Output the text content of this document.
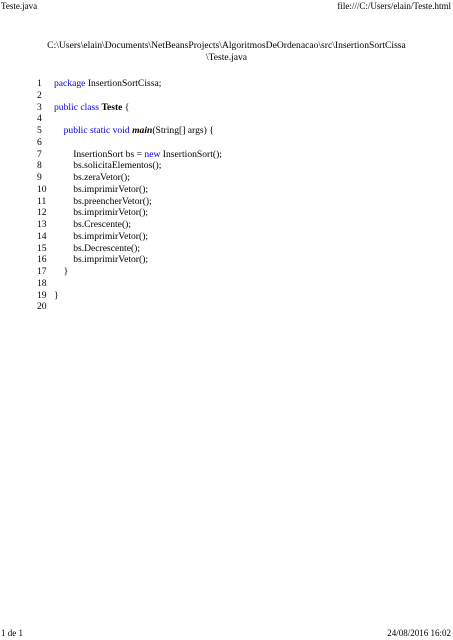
Teste.java	file:///C:/Users/elain/Teste.html
C:\Users\elain\Documents\NetBeansProjects\AlgoritmosDeOrdenacao\src\InsertionSortCissa
\Teste.java
1	package InsertionSortCissa;
2
3	public class Teste {
4
5	public static void main(String[] args) {
6
7	InsertionSort bs = new InsertionSort();
8	bs.solicitaElementos();
9	bs.zeraVetor();
10 bs.imprimirVetor();
11 bs.preencherVetor();
12 bs.imprimirVetor();
13 bs.Crescente();
14 bs.imprimirVetor();
15 bs.Decrescente();
16 bs.imprimirVetor();
17 }
18
19 }
20
1 de 1	24/08/2016 16:02
